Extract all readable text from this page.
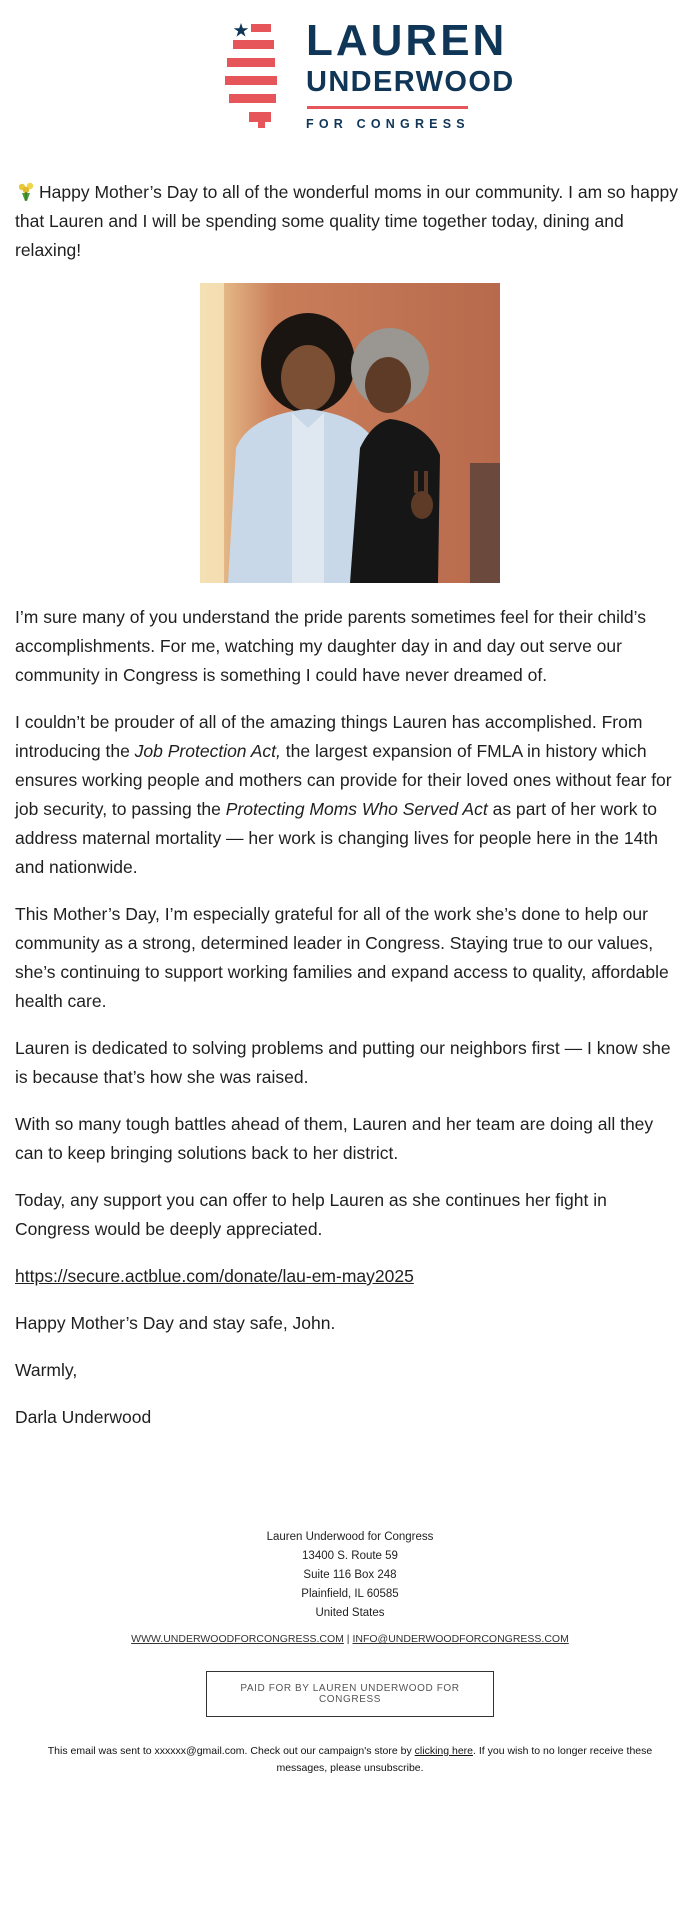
LAUREN
UNDERWOOD
FOR CONGRESS

Happy Mother’s Day to all of the wonderful moms in our community. I am so happy that Lauren and I will be spending some quality time together today, dining and relaxing!

I’m sure many of you understand the pride parents sometimes feel for their child’s accomplishments. For me, watching my daughter day in and day out serve our community in Congress is something I could have never dreamed of.

I couldn’t be prouder of all of the amazing things Lauren has accomplished. From introducing the Job Protection Act, the largest expansion of FMLA in history which ensures working people and mothers can provide for their loved ones without fear for job security, to passing the Protecting Moms Who Served Act as part of her work to address maternal mortality — her work is changing lives for people here in the 14th and nationwide.

This Mother’s Day, I’m especially grateful for all of the work she’s done to help our community as a strong, determined leader in Congress. Staying true to our values, she’s continuing to support working families and expand access to quality, affordable health care.

Lauren is dedicated to solving problems and putting our neighbors first — I know she is because that’s how she was raised.

With so many tough battles ahead of them, Lauren and her team are doing all they can to keep bringing solutions back to her district.

Today, any support you can offer to help Lauren as she continues her fight in Congress would be deeply appreciated.

https://secure.actblue.com/donate/lau-em-may2025

Happy Mother’s Day and stay safe, John.

Warmly,

Darla Underwood

Lauren Underwood for Congress
13400 S. Route 59
Suite 116 Box 248
Plainfield, IL 60585
United States
WWW.UNDERWOODFORCONGRESS.COM | INFO@UNDERWOODFORCONGRESS.COM
PAID FOR BY LAUREN UNDERWOOD FOR CONGRESS
This email was sent to xxxxxx@gmail.com. Check out our campaign's store by clicking here. If you wish to no longer receive these messages, please unsubscribe.
